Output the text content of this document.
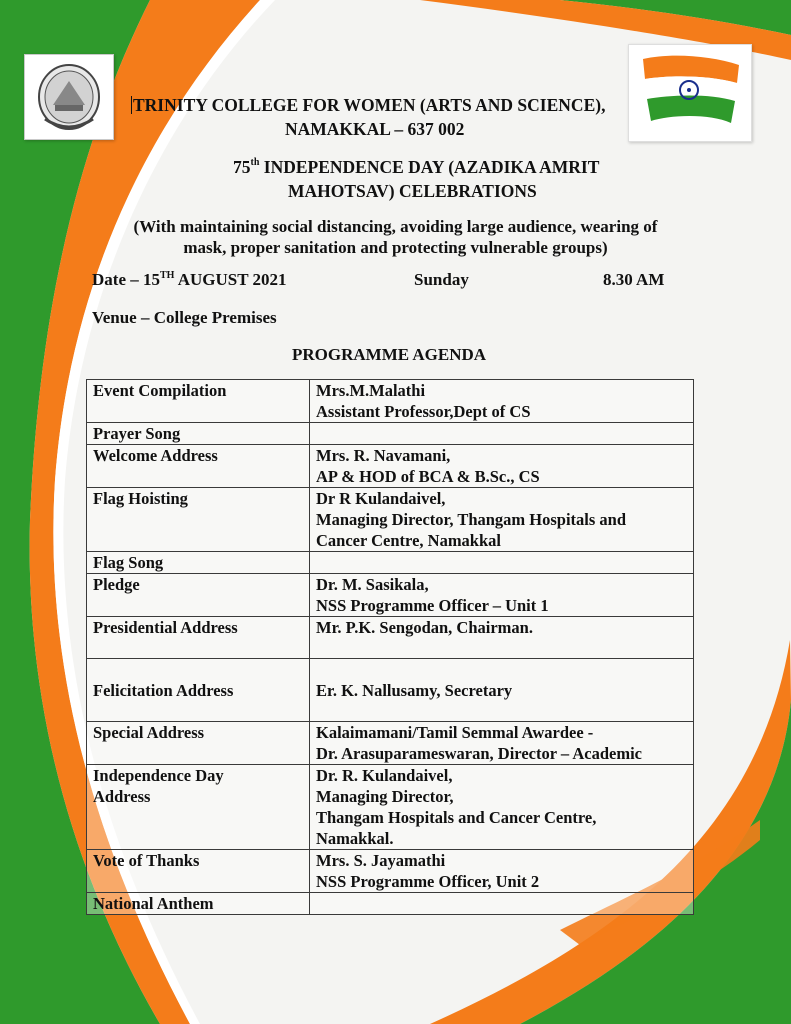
TRINITY COLLEGE FOR WOMEN (ARTS AND SCIENCE),
NAMAKKAL – 637 002
75th INDEPENDENCE DAY (AZADIKA AMRIT
MAHOTSAV) CELEBRATIONS
(With maintaining social distancing, avoiding large audience, wearing of
mask, proper sanitation and protecting vulnerable groups)
Date – 15TH AUGUST 2021	Sunday	8.30 AM
Venue – College Premises
PROGRAMME AGENDA
Event Compilation	Mrs.M.Malathi
Assistant Professor,Dept of CS

Prayer Song	

Welcome Address	Mrs. R. Navamani,
AP & HOD of BCA & B.Sc., CS

Flag Hoisting	Dr R Kulandaivel,
Managing Director, Thangam Hospitals and
Cancer Centre, Namakkal

Flag Song	

Pledge	Dr. M. Sasikala,
NSS Programme Officer – Unit 1

Presidential Address	Mr. P.K. Sengodan, Chairman.

Felicitation Address	Er. K. Nallusamy, Secretary

Special Address	Kalaimamani/Tamil Semmal Awardee -
Dr. Arasuparameswaran, Director – Academic

Independence Day
Address	Dr. R. Kulandaivel,
Managing Director,
Thangam Hospitals and Cancer Centre,
Namakkal.

Vote of Thanks	Mrs. S. Jayamathi
NSS Programme Officer, Unit 2

National Anthem	
